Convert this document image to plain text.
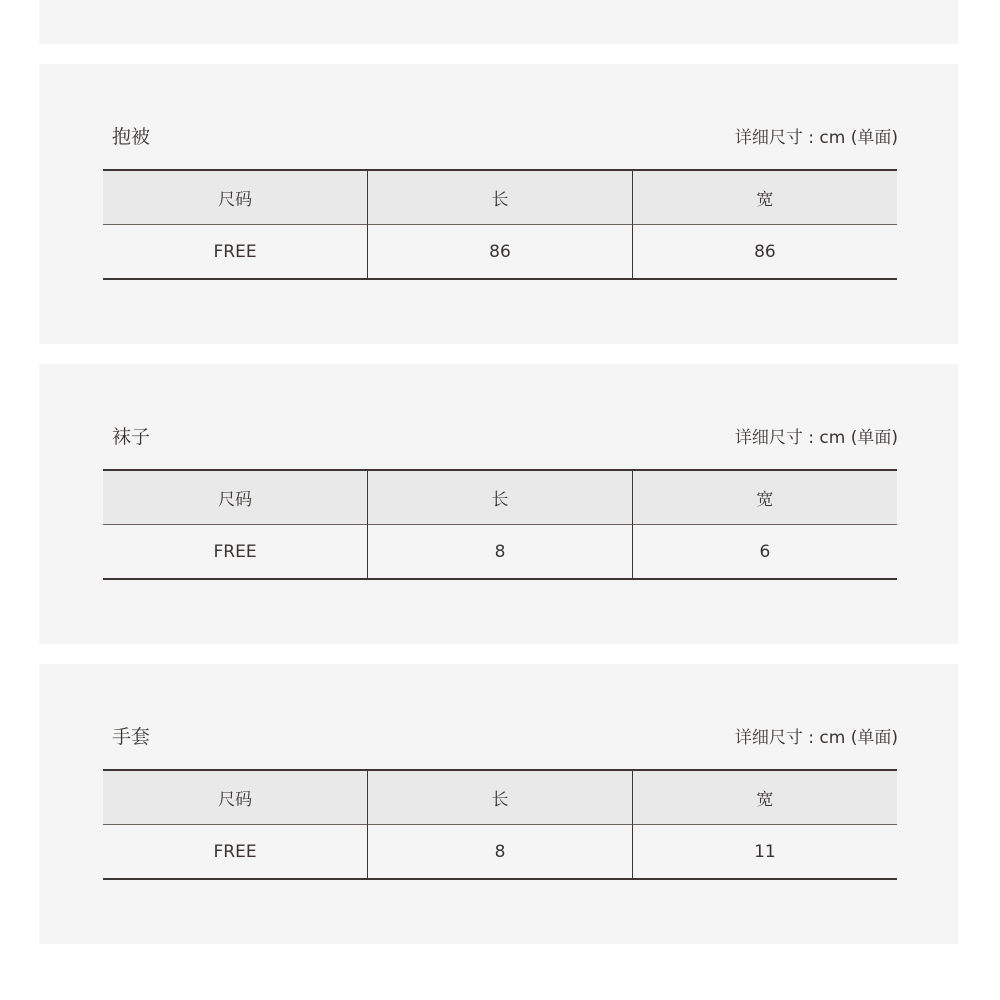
抱被	详细尺寸 : cm (单面)
尺码	长	宽
FREE	86	86
袜子	详细尺寸 : cm (单面)
尺码	长	宽
FREE	8	6
手套	详细尺寸 : cm (单面)
尺码	长	宽
FREE	8	11
